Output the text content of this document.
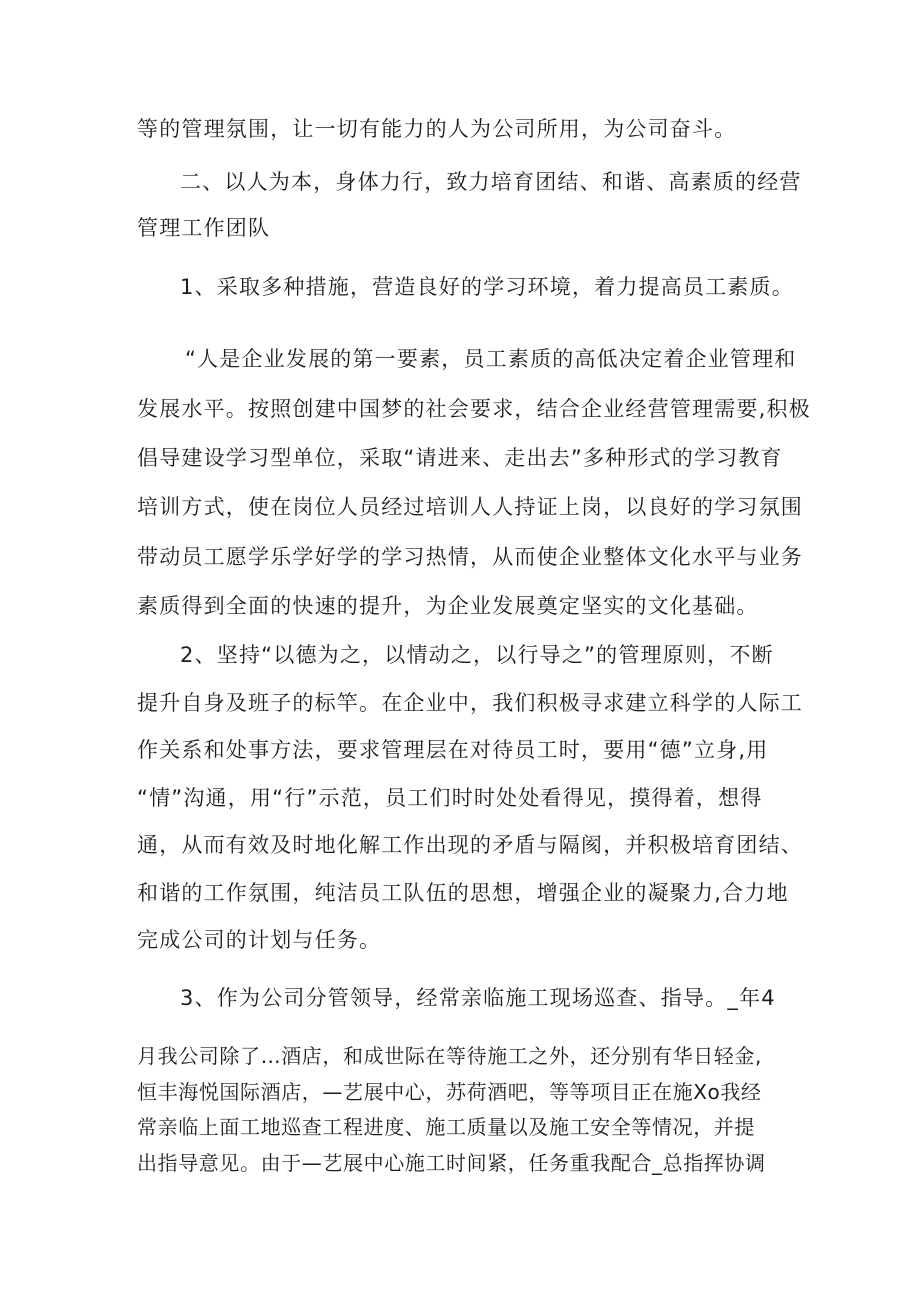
等的管理氛围，让一切有能力的人为公司所用，为公司奋斗。
二、以人为本，身体力行，致力培育团结、和谐、高素质的经营
管理工作团队
1、采取多种措施，营造良好的学习环境，着力提高员工素质。
“人是企业发展的第一要素，员工素质的高低决定着企业管理和
发展水平。按照创建中国梦的社会要求，结合企业经营管理需要,积极
倡导建设学习型单位，采取“请进来、走出去”多种形式的学习教育
培训方式，使在岗位人员经过培训人人持证上岗，以良好的学习氛围
带动员工愿学乐学好学的学习热情，从而使企业整体文化水平与业务
素质得到全面的快速的提升，为企业发展奠定坚实的文化基础。
2、坚持“以德为之，以情动之，以行导之”的管理原则，不断
提升自身及班子的标竿。在企业中，我们积极寻求建立科学的人际工
作关系和处事方法，要求管理层在对待员工时，要用“德”立身,用
“情”沟通，用“行”示范，员工们时时处处看得见，摸得着，想得
通，从而有效及时地化解工作出现的矛盾与隔阂，并积极培育团结、
和谐的工作氛围，纯洁员工队伍的思想，增强企业的凝聚力,合力地
完成公司的计划与任务。
3、作为公司分管领导，经常亲临施工现场巡查、指导。_年4
月我公司除了…酒店，和成世际在等待施工之外，还分别有华日轻金,
恒丰海悦国际酒店，—艺展中心，苏荷酒吧，等等项目正在施Xo我经
常亲临上面工地巡查工程进度、施工质量以及施工安全等情况，并提
出指导意见。由于—艺展中心施工时间紧，任务重我配合_总指挥协调
